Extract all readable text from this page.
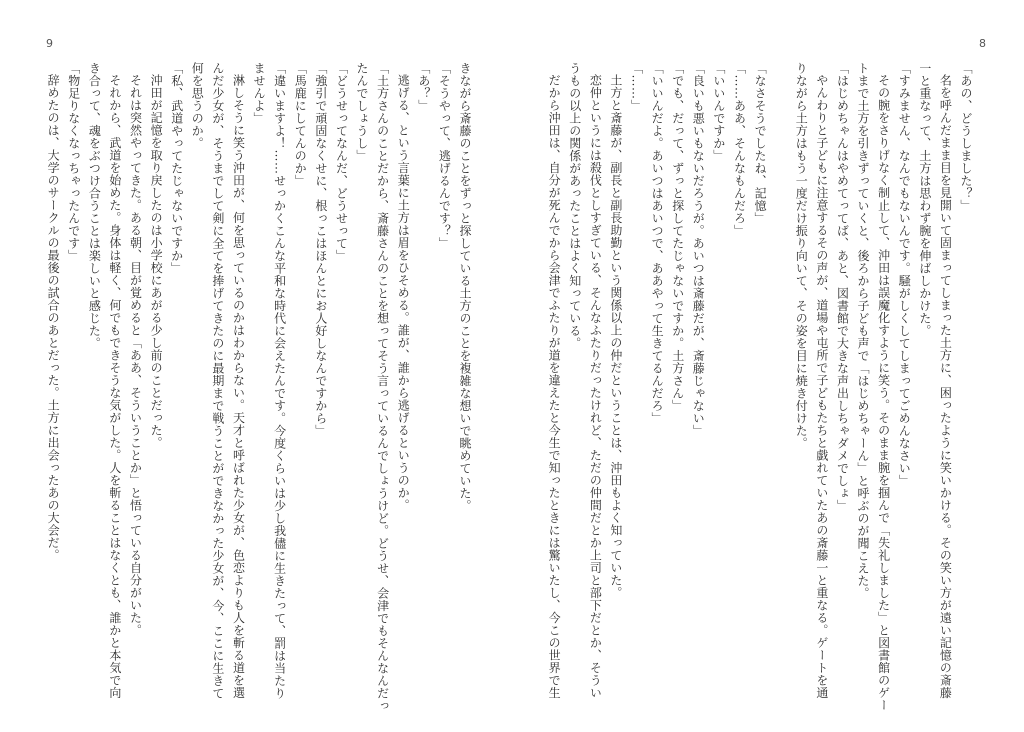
9

きながら斎藤のことをずっと探している土方のことを複雑な想いで眺めていた。

「そうやって、逃げるんです？」

「あ？」

逃げる、という言葉に土方は眉をひそめる。誰が、誰から逃げるというのか。

「土方さんのことだから、斎藤さんのことを想ってそう言っているんでしょうけど。どうせ、会津でもそんなんだっ

たんでしょうし」

「どうせってなんだ、どうせって」

「強引で頑固なくせに、根っこはほんとにお人好しなんですから」

「馬鹿にしてんのか」

「違いますよ！……せっかくこんな平和な時代に会えたんです。今度くらいは少し我儘に生きたって、罰は当たり

ませんよ」

淋しそうに笑う沖田が、何を思っているのかはわからない。天才と呼ばれた少女が、色恋よりも人を斬る道を選

んだ少女が、そうまでして剣に全てを捧げてきたのに最期まで戦うことができなかった少女が、今、ここに生きて

何を思うのか。

「私、武道やってたじゃないですか」

沖田が記憶を取り戻したのは小学校にあがる少し前のことだった。

それは突然やってきた。ある朝、目が覚めると「ああ、そういうことか」と悟っている自分がいた。

それから、武道を始めた。身体は軽く、何でもできそうな気がした。人を斬ることはなくとも、誰かと本気で向

き合って、魂をぶつけ合うことは楽しいと感じた。

「物足りなくなっちゃったんです」

辞めたのは、大学のサークルの最後の試合のあとだった。土方に出会ったあの大会だ。

8

「あの、どうしました？」

名を呼んだまま目を見開いて固まってしまった土方に、困ったように笑いかける。その笑い方が遠い記憶の斎藤

一と重なって、土方は思わず腕を伸ばしかけた。

「すみません、なんでもないんです。騒がしくしてしまってごめんなさい」

その腕をさりげなく制止して、沖田は誤魔化すように笑う。そのまま腕を掴んで「失礼しました」と図書館のゲー

トまで土方を引きずっていくと、後ろから子ども声で「はじめちゃーん」と呼ぶのが聞こえた。

「はじめちゃんはやめてってば、あと、図書館で大きな声出しちゃダメでしょ」

やんわりと子どもに注意するその声が、道場や屯所で子どもたちと戯れていたあの斎藤一と重なる。ゲートを通

りながら土方はもう一度だけ振り向いて、その姿を目に焼き付けた。

「なさそうでしたね、記憶」

「……ああ、そんなもんだろ」

「いいんですか」

「良いも悪いもないだろうが。あいつは斎藤だが、斎藤じゃない」

「でも、だって、ずっと探してたじゃないですか。土方さん」

「いいんだよ。あいつはあいつで、ああやって生きてるんだろ」

「……」

土方と斎藤が、副長と副長助勤という関係以上の仲だということは、沖田もよく知っていた。

恋仲というには殺伐としすぎている、そんなふたりだったけれど、ただの仲間だとか上司と部下だとか、そうい

うもの以上の関係があったことはよく知っている。

だから沖田は、自分が死んでから会津でふたりが道を違えたと今生で知ったときには驚いたし、今この世界で生
